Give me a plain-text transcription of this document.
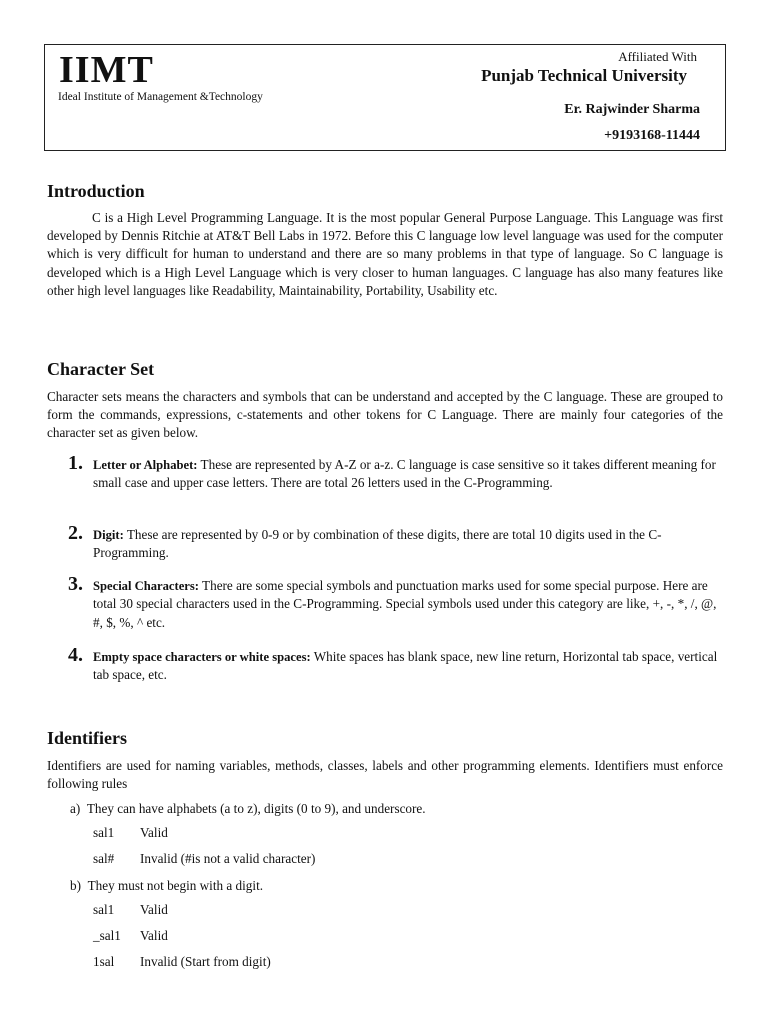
IIMT
Ideal Institute of Management &Technology
Affiliated With
Punjab Technical University
Er. Rajwinder Sharma
+9193168-11444
Introduction

C is a High Level Programming Language. It is the most popular General Purpose Language. This Language was first developed by Dennis Ritchie at AT&T Bell Labs in 1972. Before this C language low level language was used for the computer which is very difficult for human to understand and there are so many problems in that type of language. So C language is developed which is a High Level Language which is very closer to human languages. C language has also many features like other high level languages like Readability, Maintainability, Portability, Usability etc.

Character Set

Character sets means the characters and symbols that can be understand and accepted by the C language. These are grouped to form the commands, expressions, c-statements and other tokens for C Language. There are mainly four categories of the character set as given below.

1. Letter or Alphabet: These are represented by A-Z or a-z. C language is case sensitive so it takes different meaning for small case and upper case letters. There are total 26 letters used in the C-Programming.
2. Digit: These are represented by 0-9 or by combination of these digits, there are total 10 digits used in the C-Programming.
3. Special Characters: There are some special symbols and punctuation marks used for some special purpose. Here are total 30 special characters used in the C-Programming. Special symbols used under this category are like, +, -, *, /, @, #, $, %, ^ etc.
4. Empty space characters or white spaces: White spaces has blank space, new line return, Horizontal tab space, vertical tab space, etc.
Identifiers

Identifiers are used for naming variables, methods, classes, labels and other programming elements. Identifiers must enforce following rules

a)  They can have alphabets (a to z), digits (0 to 9), and underscore.
sal1 Valid
sal# Invalid (#is not a valid character)
b)  They must not begin with a digit.
sal1 Valid
_sal1 Valid
1sal Invalid (Start from digit)
